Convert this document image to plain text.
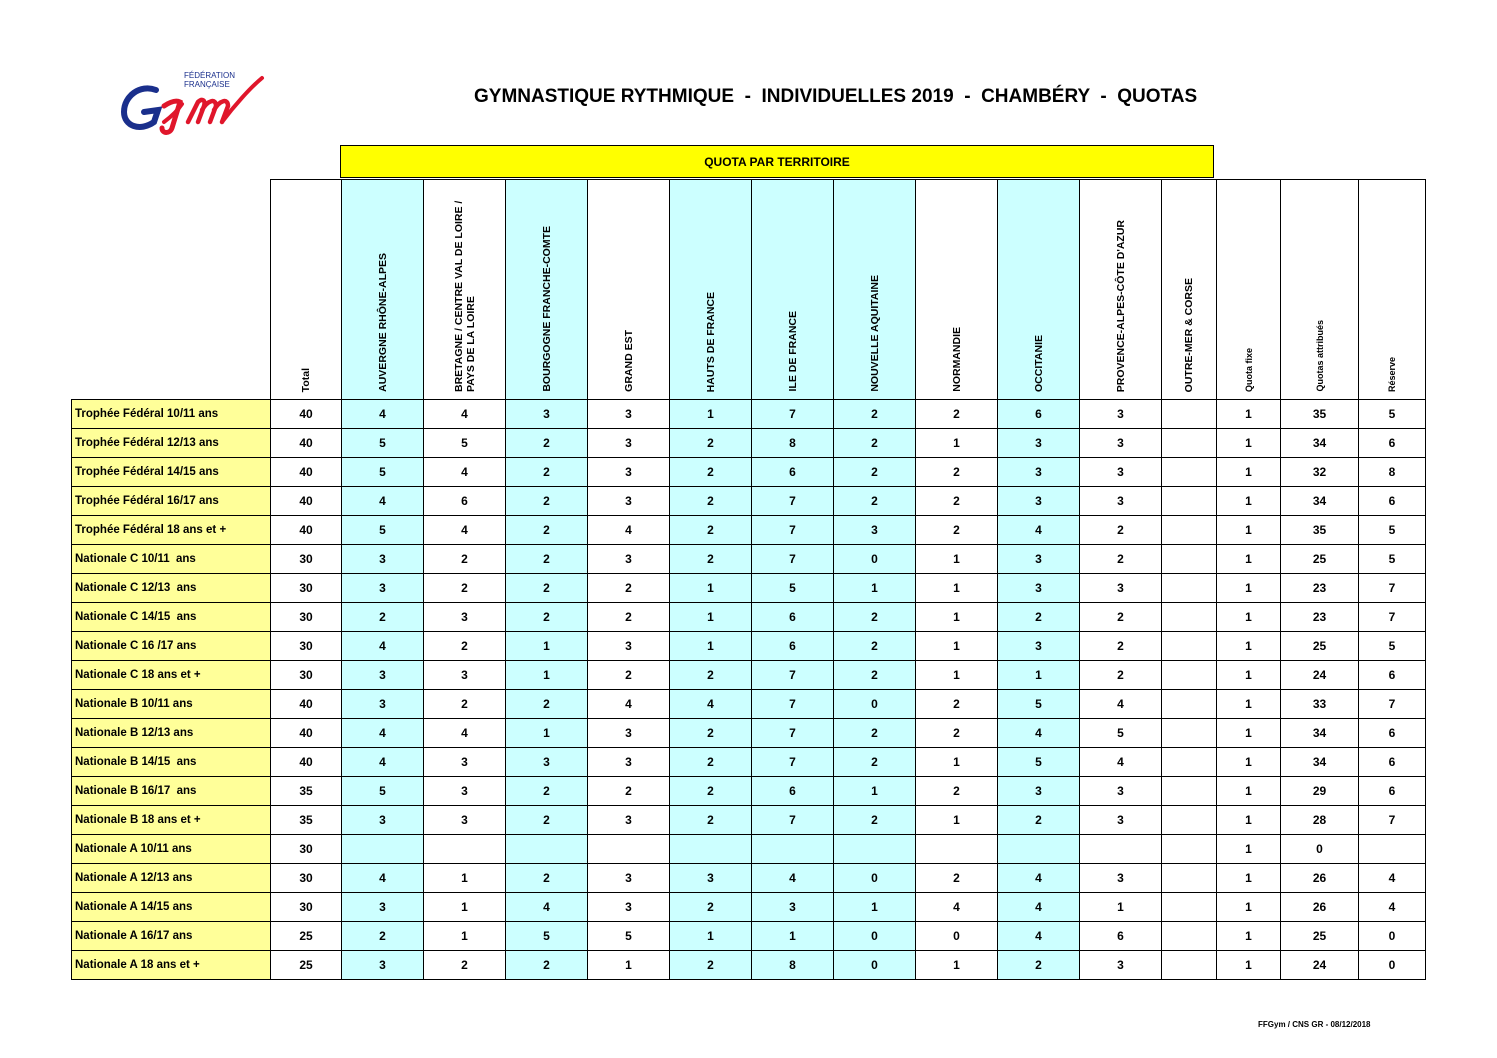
FÉDÉRATION
FRANÇAISE
GYMNASTIQUE RYTHMIQUE  -  INDIVIDUELLES 2019  -  CHAMBÉRY  -  QUOTAS
QUOTA PAR TERRITOIRE
	Total	AUVERGNE RHÔNE-ALPES	BRETAGNE / CENTRE VAL DE LOIRE / PAYS DE LA LOIRE	BOURGOGNE FRANCHE-COMTE	GRAND EST	HAUTS DE FRANCE	ILE DE FRANCE	NOUVELLE AQUITAINE	NORMANDIE	OCCITANIE	PROVENCE-ALPES-CÔTE D'AZUR	OUTRE-MER & CORSE	Quota fixe	Quotas attribués	Réserve
Trophée Fédéral 10/11 ans	40	4	4	3	3	1	7	2	2	6	3		1	35	5
Trophée Fédéral 12/13 ans	40	5	5	2	3	2	8	2	1	3	3		1	34	6
Trophée Fédéral 14/15 ans	40	5	4	2	3	2	6	2	2	3	3		1	32	8
Trophée Fédéral 16/17 ans	40	4	6	2	3	2	7	2	2	3	3		1	34	6
Trophée Fédéral 18 ans et +	40	5	4	2	4	2	7	3	2	4	2		1	35	5
Nationale C 10/11  ans	30	3	2	2	3	2	7	0	1	3	2		1	25	5
Nationale C 12/13  ans	30	3	2	2	2	1	5	1	1	3	3		1	23	7
Nationale C 14/15  ans	30	2	3	2	2	1	6	2	1	2	2		1	23	7
Nationale C 16 /17 ans	30	4	2	1	3	1	6	2	1	3	2		1	25	5
Nationale C 18 ans et +	30	3	3	1	2	2	7	2	1	1	2		1	24	6
Nationale B 10/11 ans	40	3	2	2	4	4	7	0	2	5	4		1	33	7
Nationale B 12/13 ans	40	4	4	1	3	2	7	2	2	4	5		1	34	6
Nationale B 14/15  ans	40	4	3	3	3	2	7	2	1	5	4		1	34	6
Nationale B 16/17  ans	35	5	3	2	2	2	6	1	2	3	3		1	29	6
Nationale B 18 ans et +	35	3	3	2	3	2	7	2	1	2	3		1	28	7
Nationale A 10/11 ans	30												1	0	
Nationale A 12/13 ans	30	4	1	2	3	3	4	0	2	4	3		1	26	4
Nationale A 14/15 ans	30	3	1	4	3	2	3	1	4	4	1		1	26	4
Nationale A 16/17 ans	25	2	1	5	5	1	1	0	0	4	6		1	25	0
Nationale A 18 ans et +	25	3	2	2	1	2	8	0	1	2	3		1	24	0
FFGym / CNS GR - 08/12/2018
